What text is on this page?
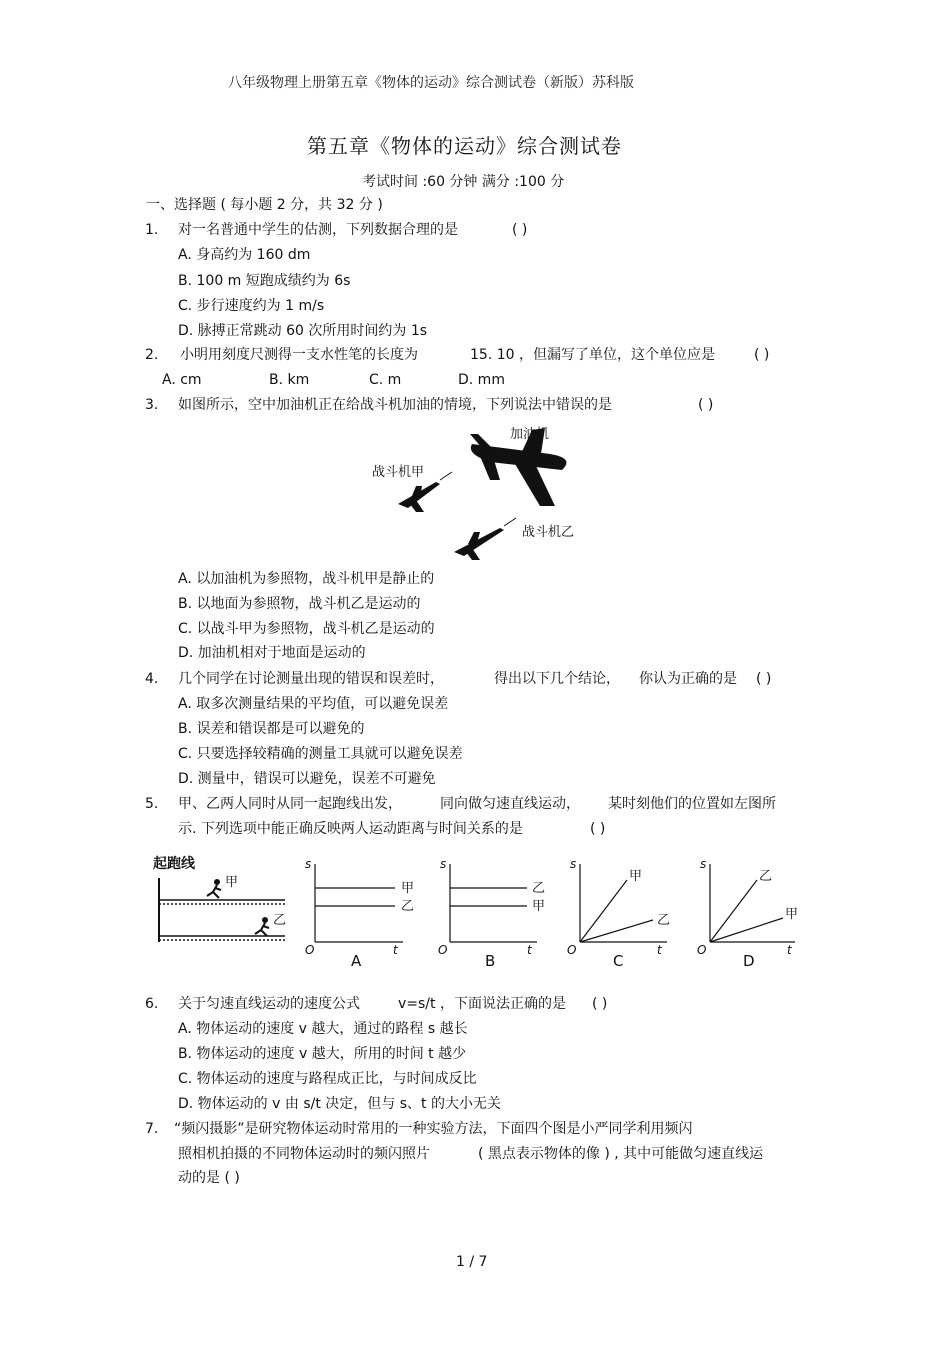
八年级物理上册第五章《物体的运动》综合测试卷（新版）苏科版
第五章《物体的运动》综合测试卷
考试时间 :60 分钟 满分 :100 分
一、选择题 ( 每小题 2 分，共 32 分 )
1. 对一名普通中学生的估测，下列数据合理的是	( )
A. 身高约为 160 dm
B. 100 m 短跑成绩约为 6s
C. 步行速度约为 1 m/s
D. 脉搏正常跳动 60 次所用时间约为 1s
2. 小明用刻度尺测得一支水性笔的长度为	15. 10 ，但漏写了单位，这个单位应是	( )
A. cm	B. km	C. m	D. mm
3. 如图所示，空中加油机正在给战斗机加油的情境，下列说法中错误的是	( )
加油机
战斗机甲
战斗机乙
A. 以加油机为参照物，战斗机甲是静止的
B. 以地面为参照物，战斗机乙是运动的
C. 以战斗甲为参照物，战斗机乙是运动的
D. 加油机相对于地面是运动的
4. 几个同学在讨论测量出现的错误和误差时，	得出以下几个结论， 你认为正确的是 ( )
A. 取多次测量结果的平均值，可以避免误差
B. 误差和错误都是可以避免的
C. 只要选择较精确的测量工具就可以避免误差
D. 测量中，错误可以避免，误差不可避免
5. 甲、乙两人同时从同一起跑线出发，	同向做匀速直线运动， 某时刻他们的位置如左图所
示. 下列选项中能正确反映两人运动距离与时间关系的是	( )
起跑线
甲
乙
s
t
O
甲
乙
A
s
t
O
乙
甲
B
s
t
O
甲
乙
C
s
t
O
乙
甲
D
6. 关于匀速直线运动的速度公式	v=s/t ，下面说法正确的是 ( )
A. 物体运动的速度 v 越大，通过的路程 s 越长
B. 物体运动的速度 v 越大，所用的时间 t 越少
C. 物体运动的速度与路程成正比，与时间成反比
D. 物体运动的 v 由 s/t 决定，但与 s、t 的大小无关
7. “频闪摄影”是研究物体运动时常用的一种实验方法，下面四个图是小严同学利用频闪
照相机拍摄的不同物体运动时的频闪照片	( 黑点表示物体的像 ) , 其中可能做匀速直线运
动的是 ( )
1 / 7
